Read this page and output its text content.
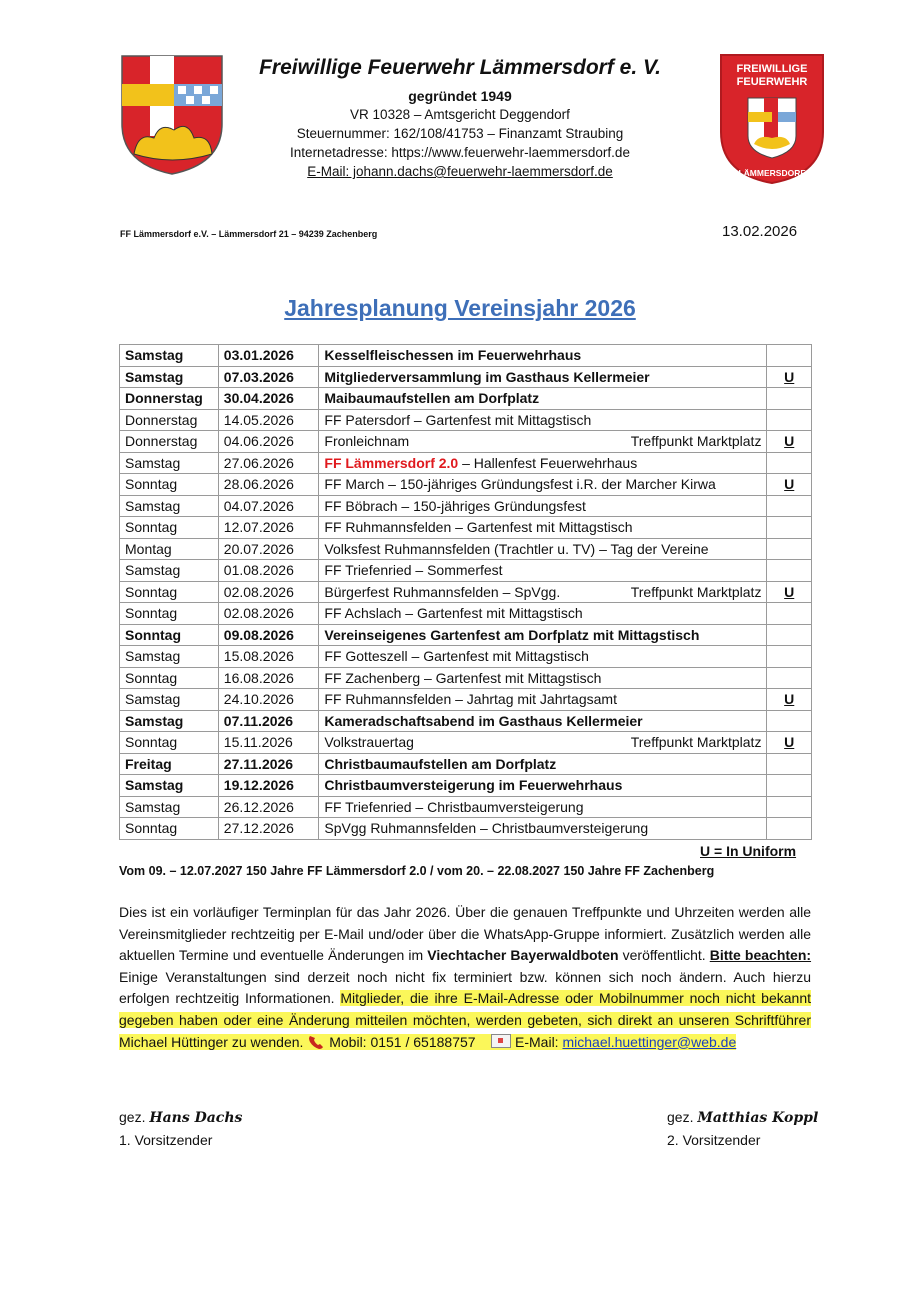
Freiwillige Feuerwehr Lämmersdorf e. V.
gegründet 1949
VR 10328 – Amtsgericht Deggendorf
Steuernummer: 162/108/41753 – Finanzamt Straubing
Internetadresse: https://www.feuerwehr-laemmersdorf.de
E-Mail: johann.dachs@feuerwehr-laemmersdorf.de
FREIWILLIGE
FEUERWEHR
LÄMMERSDORF
FF Lämmersdorf e.V. – Lämmersdorf 21 – 94239 Zachenberg	13.02.2026
Jahresplanung Vereinsjahr 2026
Samstag	03.01.2026	Kesselfleischessen im Feuerwehrhaus	

Samstag	07.03.2026	Mitgliederversammlung im Gasthaus Kellermeier	U
Donnerstag	30.04.2026	Maibaumaufstellen am Dorfplatz	

Donnerstag	14.05.2026	FF Patersdorf – Gartenfest mit Mittagstisch	

Donnerstag	04.06.2026	Fronleichnam Treffpunkt Marktplatz	U
Samstag	27.06.2026	FF Lämmersdorf 2.0 – Hallenfest Feuerwehrhaus	

Sonntag	28.06.2026	FF March – 150-jähriges Gründungsfest i.R. der Marcher Kirwa	U
Samstag	04.07.2026	FF Böbrach – 150-jähriges Gründungsfest	

Sonntag	12.07.2026	FF Ruhmannsfelden – Gartenfest mit Mittagstisch	

Montag	20.07.2026	Volksfest Ruhmannsfelden (Trachtler u. TV) – Tag der Vereine	

Samstag	01.08.2026	FF Triefenried – Sommerfest	

Sonntag	02.08.2026	Bürgerfest Ruhmannsfelden – SpVgg. Treffpunkt Marktplatz	U
Sonntag	02.08.2026	FF Achslach – Gartenfest mit Mittagstisch	

Sonntag	09.08.2026	Vereinseigenes Gartenfest am Dorfplatz mit Mittagstisch	

Samstag	15.08.2026	FF Gotteszell – Gartenfest mit Mittagstisch	

Sonntag	16.08.2026	FF Zachenberg – Gartenfest mit Mittagstisch	

Samstag	24.10.2026	FF Ruhmannsfelden – Jahrtag mit Jahrtagsamt	U
Samstag	07.11.2026	Kameradschaftsabend im Gasthaus Kellermeier	

Sonntag	15.11.2026	Volkstrauertag Treffpunkt Marktplatz	U
Freitag	27.11.2026	Christbaumaufstellen am Dorfplatz	

Samstag	19.12.2026	Christbaumversteigerung im Feuerwehrhaus	

Samstag	26.12.2026	FF Triefenried – Christbaumversteigerung	

Sonntag	27.12.2026	SpVgg Ruhmannsfelden – Christbaumversteigerung	

U = In Uniform
Vom 09. – 12.07.2027 150 Jahre FF Lämmersdorf 2.0 / vom 20. – 22.08.2027 150 Jahre FF Zachenberg
Dies ist ein vorläufiger Terminplan für das Jahr 2026. Über die genauen Treffpunkte und Uhrzeiten werden alle Vereinsmitglieder rechtzeitig per E-Mail und/oder über die WhatsApp-Gruppe informiert. Zusätzlich werden alle aktuellen Termine und eventuelle Änderungen im Viechtacher Bayerwaldboten veröffentlicht. Bitte beachten: Einige Veranstaltungen sind derzeit noch nicht fix terminiert bzw. können sich noch ändern. Auch hierzu erfolgen rechtzeitig Informationen. Mitglieder, die ihre E-Mail-Adresse oder Mobilnummer noch nicht bekannt gegeben haben oder eine Änderung mitteilen möchten, werden gebeten, sich direkt an unseren Schriftführer Michael Hüttinger zu wenden. Mobil: 0151 / 65188757	E-Mail: michael.huettinger@web.de
gez. Hans Dachs
1. Vorsitzender
gez. Matthias Koppl
2. Vorsitzender
